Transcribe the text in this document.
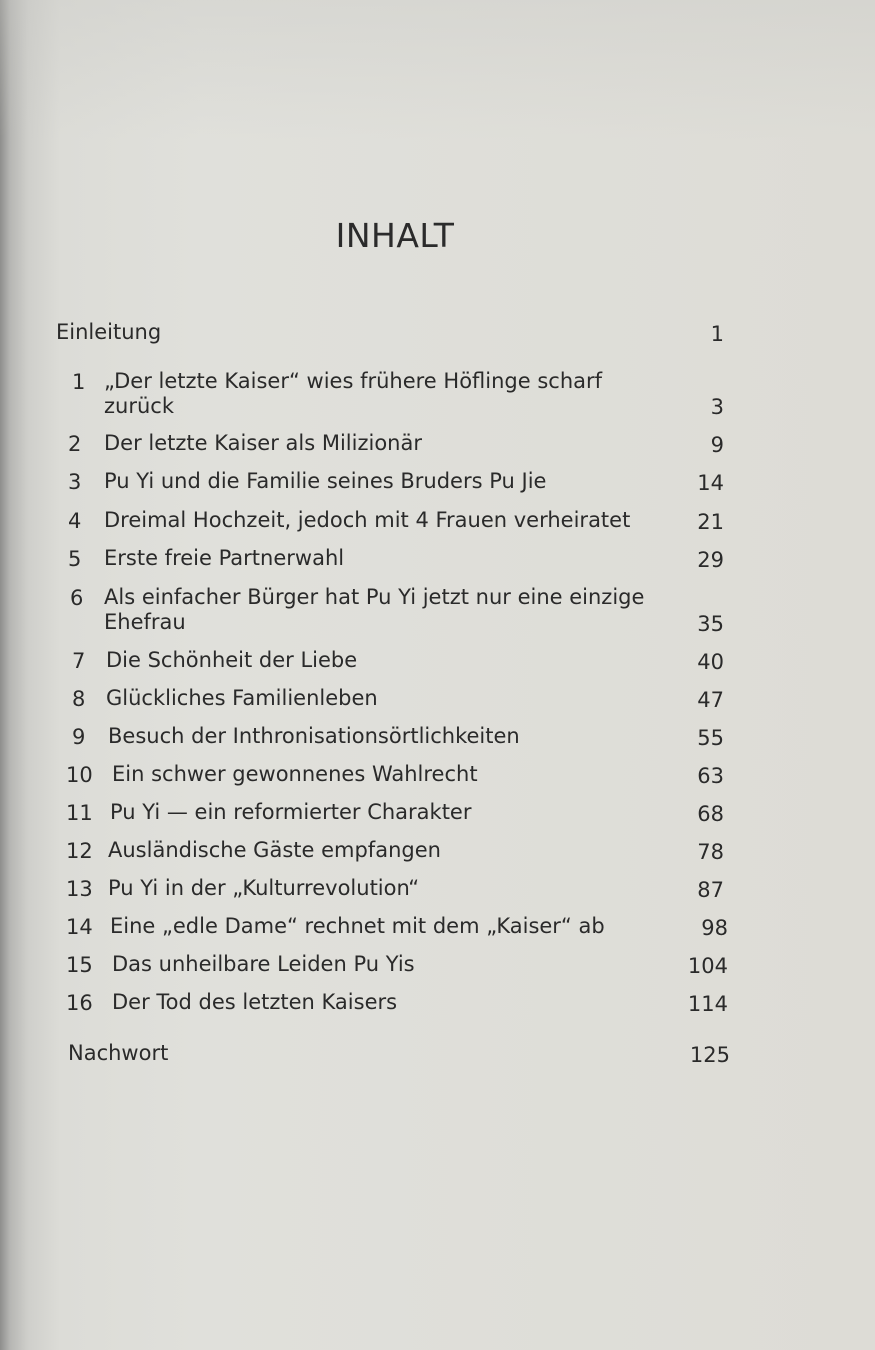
INHALT
Einleitung	1
1 „Der letzte Kaiser“ wies frühere Höflinge scharf
zurück	3
2 Der letzte Kaiser als Milizionär	9
3 Pu Yi und die Familie seines Bruders Pu Jie	14
4 Dreimal Hochzeit, jedoch mit 4 Frauen verheiratet	21
5 Erste freie Partnerwahl	29
6 Als einfacher Bürger hat Pu Yi jetzt nur eine einzige
Ehefrau	35
7 Die Schönheit der Liebe	40
8 Glückliches Familienleben	47
9 Besuch der Inthronisationsörtlichkeiten	55
10 Ein schwer gewonnenes Wahlrecht	63
11 Pu Yi — ein reformierter Charakter	68
12 Ausländische Gäste empfangen	78
13 Pu Yi in der „Kulturrevolution“	87
14 Eine „edle Dame“ rechnet mit dem „Kaiser“ ab	98
15 Das unheilbare Leiden Pu Yis	104
16 Der Tod des letzten Kaisers	114
Nachwort	125
